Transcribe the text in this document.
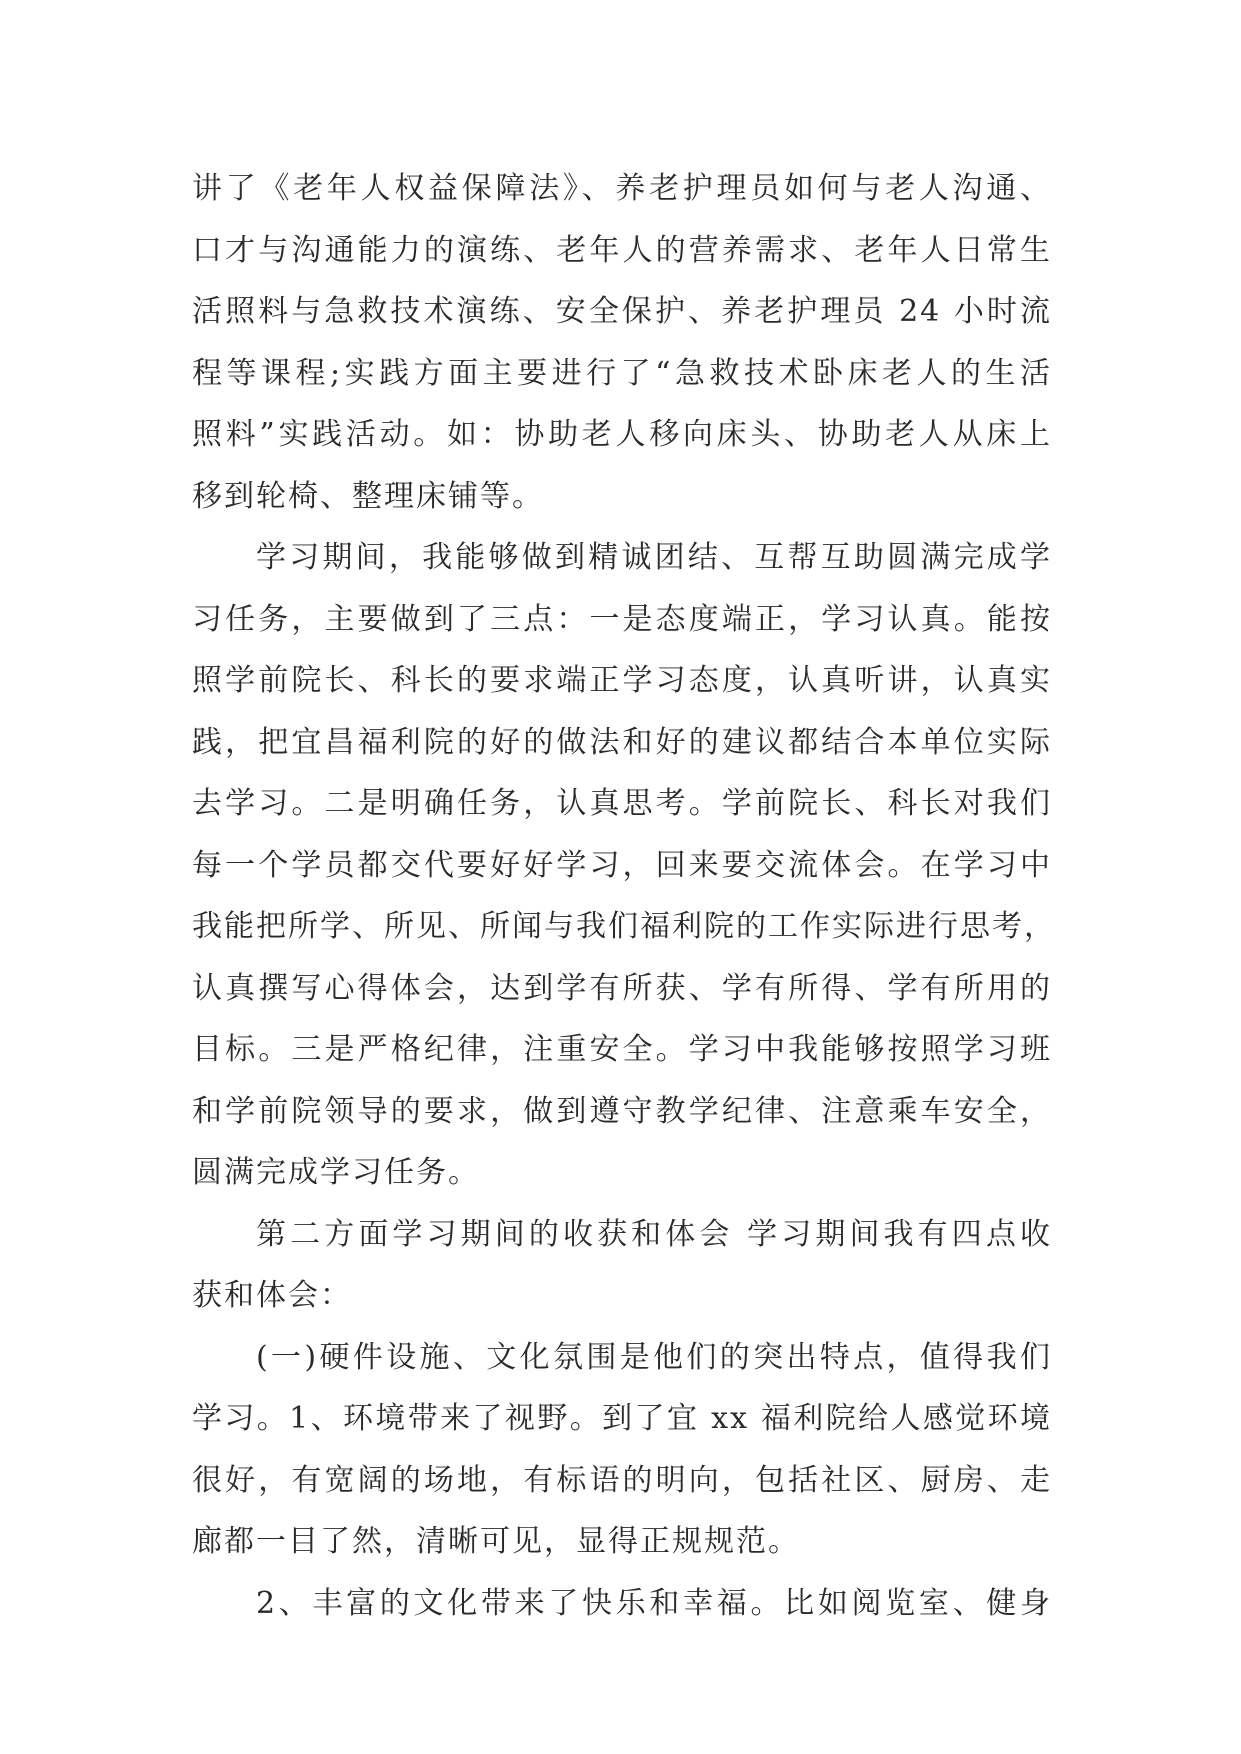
讲了《老年人权益保障法》、养老护理员如何与老人沟通、
口才与沟通能力的演练、老年人的营养需求、老年人日常生
活照料与急救技术演练、安全保护、养老护理员 24 小时流
程等课程;实践方面主要进行了“急救技术卧床老人的生活
照料”实践活动。如：协助老人移向床头、协助老人从床上
移到轮椅、整理床铺等。
学习期间，我能够做到精诚团结、互帮互助圆满完成学
习任务，主要做到了三点：一是态度端正，学习认真。能按
照学前院长、科长的要求端正学习态度，认真听讲，认真实
践，把宜昌福利院的好的做法和好的建议都结合本单位实际
去学习。二是明确任务，认真思考。学前院长、科长对我们
每一个学员都交代要好好学习，回来要交流体会。在学习中
我能把所学、所见、所闻与我们福利院的工作实际进行思考，
认真撰写心得体会，达到学有所获、学有所得、学有所用的
目标。三是严格纪律，注重安全。学习中我能够按照学习班
和学前院领导的要求，做到遵守教学纪律、注意乘车安全，
圆满完成学习任务。
第二方面学习期间的收获和体会 学习期间我有四点收
获和体会：
(一)硬件设施、文化氛围是他们的突出特点，值得我们
学习。1、环境带来了视野。到了宜 xx 福利院给人感觉环境
很好，有宽阔的场地，有标语的明向，包括社区、厨房、走
廊都一目了然，清晰可见，显得正规规范。
2、丰富的文化带来了快乐和幸福。比如阅览室、健身
